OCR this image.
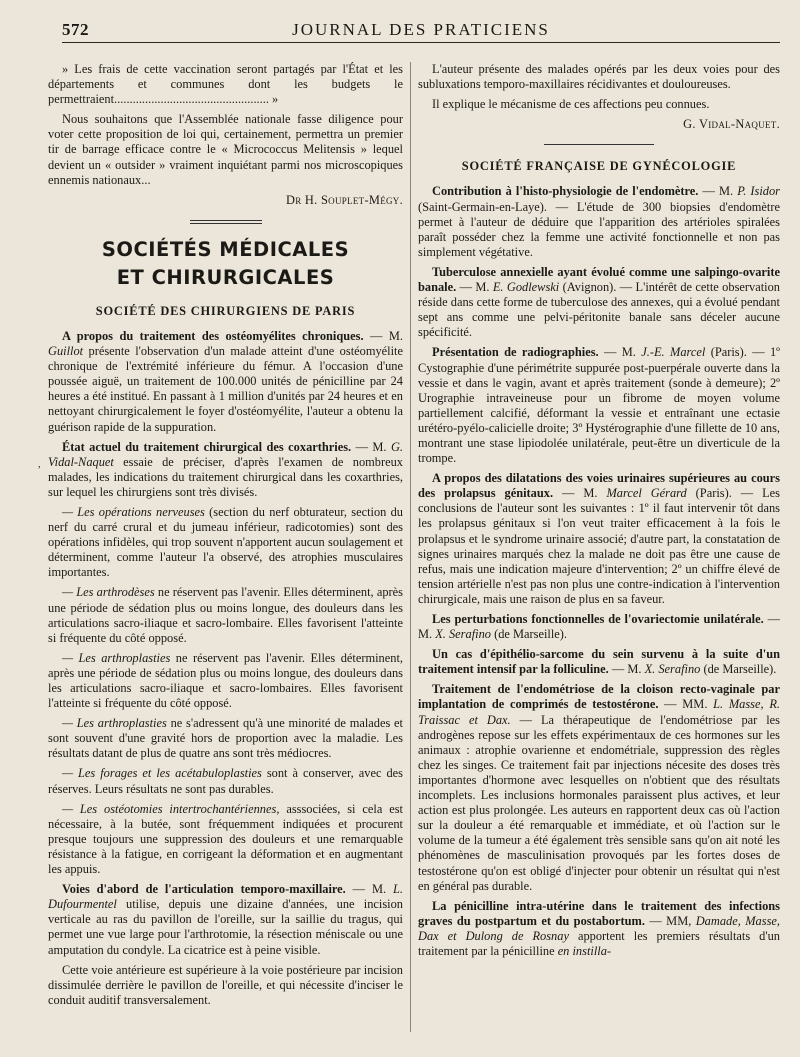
572	JOURNAL DES PRATICIENS
,

» Les frais de cette vaccination seront partagés par l'État et les départements et communes dont les budgets le permettraient.................................................. »

Nous souhaitons que l'Assemblée nationale fasse diligence pour voter cette proposition de loi qui, certainement, permettra un premier tir de barrage efficace contre le « Micrococcus Melitensis » lequel devient un « outsider » vraiment inquiétant parmi nos microscopiques ennemis nationaux...

Dr H. Souplet-Mégy.

SOCIÉTÉS MÉDICALES
ET CHIRURGICALES

SOCIÉTÉ DES CHIRURGIENS DE PARIS

A propos du traitement des ostéomyélites chroniques. — M. Guillot présente l'observation d'un malade atteint d'une ostéomyélite chronique de l'extrémité inférieure du fémur. A l'occasion d'une poussée aiguë, un traitement de 100.000 unités de pénicilline par 24 heures a été institué. En passant à 1 million d'unités par 24 heures et en nettoyant chirurgicalement le foyer d'ostéomyélite, l'auteur a obtenu la guérison rapide de la suppuration.

État actuel du traitement chirurgical des coxarthries. — M. G. Vidal-Naquet essaie de préciser, d'après l'examen de nombreux malades, les indications du traitement chirurgical dans les coxarthries, sur lequel les chirurgiens sont très divisés.

— Les opérations nerveuses (section du nerf obturateur, section du nerf du carré crural et du jumeau inférieur, radicotomies) sont des opérations infidèles, qui trop souvent n'apportent aucun soulagement et déterminent, comme l'auteur l'a observé, des atrophies musculaires importantes.

— Les arthrodèses ne réservent pas l'avenir. Elles déterminent, après une période de sédation plus ou moins longue, des douleurs dans les articulations sacro-iliaque et sacro-lombaire. Elles favorisent l'atteinte si fréquente du côté opposé.

— Les arthroplasties ne réservent pas l'avenir. Elles déterminent, après une période de sédation plus ou moins longue, des douleurs dans les articulations sacro-iliaque et sacro-lombaires. Elles favorisent l'atteinte si fréquente du côté opposé.

— Les arthroplasties ne s'adressent qu'à une minorité de malades et sont souvent d'une gravité hors de proportion avec la maladie. Les résultats datant de plus de quatre ans sont très médiocres.

— Les forages et les acétabuloplasties sont à conserver, avec des réserves. Leurs résultats ne sont pas durables.

— Les ostéotomies intertrochantériennes, asssociées, si cela est nécessaire, à la butée, sont fréquemment indiquées et procurent presque toujours une suppression des douleurs et une remarquable résistance à la fatigue, en corrigeant la déformation et en augmentant les appuis.

Voies d'abord de l'articulation temporo-maxillaire. — M. L. Dufourmentel utilise, depuis une dizaine d'années, une incision verticale au ras du pavillon de l'oreille, sur la saillie du tragus, qui permet une vue large pour l'arthrotomie, la résection méniscale ou une amputation du condyle. La cicatrice est à peine visible.

Cette voie antérieure est supérieure à la voie postérieure par incision dissimulée derrière le pavillon de l'oreille, et qui nécessite d'inciser le conduit auditif transversalement.

L'auteur présente des malades opérés par les deux voies pour des subluxations temporo-maxillaires récidivantes et douloureuses.

Il explique le mécanisme de ces affections peu connues.

G. Vidal-Naquet.

SOCIÉTÉ FRANÇAISE DE GYNÉCOLOGIE

Contribution à l'histo-physiologie de l'endomètre. — M. P. Isidor (Saint-Germain-en-Laye). — L'étude de 300 biopsies d'endomètre permet à l'auteur de déduire que l'apparition des artérioles spiralées paraît posséder chez la femme une activité fonctionnelle et non pas simplement végétative.

Tuberculose annexielle ayant évolué comme une salpingo-ovarite banale. — M. E. Godlewski (Avignon). — L'intérêt de cette observation réside dans cette forme de tuberculose des annexes, qui a évolué pendant sept ans comme une pelvi-péritonite banale sans déceler aucune spécificité.

Présentation de radiographies. — M. J.-E. Marcel (Paris). — 1º Cystographie d'une périmétrite suppurée post-puerpérale ouverte dans la vessie et dans le vagin, avant et après traitement (sonde à demeure); 2º Urographie intraveineuse pour un fibrome de moyen volume partiellement calcifié, déformant la vessie et entraînant une ectasie urétéro-pyélo-calicielle droite; 3º Hystérographie d'une fillette de 10 ans, montrant une stase lipiodolée unilatérale, peut-être un diverticule de la trompe.

A propos des dilatations des voies urinaires supérieures au cours des prolapsus génitaux. — M. Marcel Gérard (Paris). — Les conclusions de l'auteur sont les suivantes : 1º il faut intervenir tôt dans les prolapsus génitaux si l'on veut traiter efficacement à la fois le prolapsus et le syndrome urinaire associé; d'autre part, la constatation de signes urinaires marqués chez la malade ne doit pas être une cause de refus, mais une indication majeure d'intervention; 2º un chiffre élevé de tension artérielle n'est pas non plus une contre-indication à l'intervention chirurgicale, mais une raison de plus en sa faveur.

Les perturbations fonctionnelles de l'ovariectomie unilatérale. — M. X. Serafino (de Marseille).

Un cas d'épithélio-sarcome du sein survenu à la suite d'un traitement intensif par la folliculine. — M. X. Serafino (de Marseille).

Traitement de l'endométriose de la cloison recto-vaginale par implantation de comprimés de testostérone. — MM. L. Masse, R. Traissac et Dax. — La thérapeutique de l'endométriose par les androgènes repose sur les effets expérimentaux de ces hormones sur les animaux : atrophie ovarienne et endométriale, suppression des règles chez les singes. Ce traitement fait par injections nécesite des doses très importantes d'hormone avec lesquelles on n'obtient que des résultats incomplets. Les inclusions hormonales paraissent plus actives, et leur action est plus prolongée. Les auteurs en rapportent deux cas où l'action sur la douleur a été remarquable et immédiate, et où l'action sur le volume de la tumeur a été également très sensible sans qu'on ait noté les phénomènes de masculinisation provoqués par les fortes doses de testostérone qu'on est obligé d'injecter pour obtenir un résultat qui n'est en général pas durable.

La pénicilline intra-utérine dans le traitement des infections graves du postpartum et du postabortum. — MM, Damade, Masse, Dax et Dulong de Rosnay apportent les premiers résultats d'un traitement par la pénicilline en instilla-
